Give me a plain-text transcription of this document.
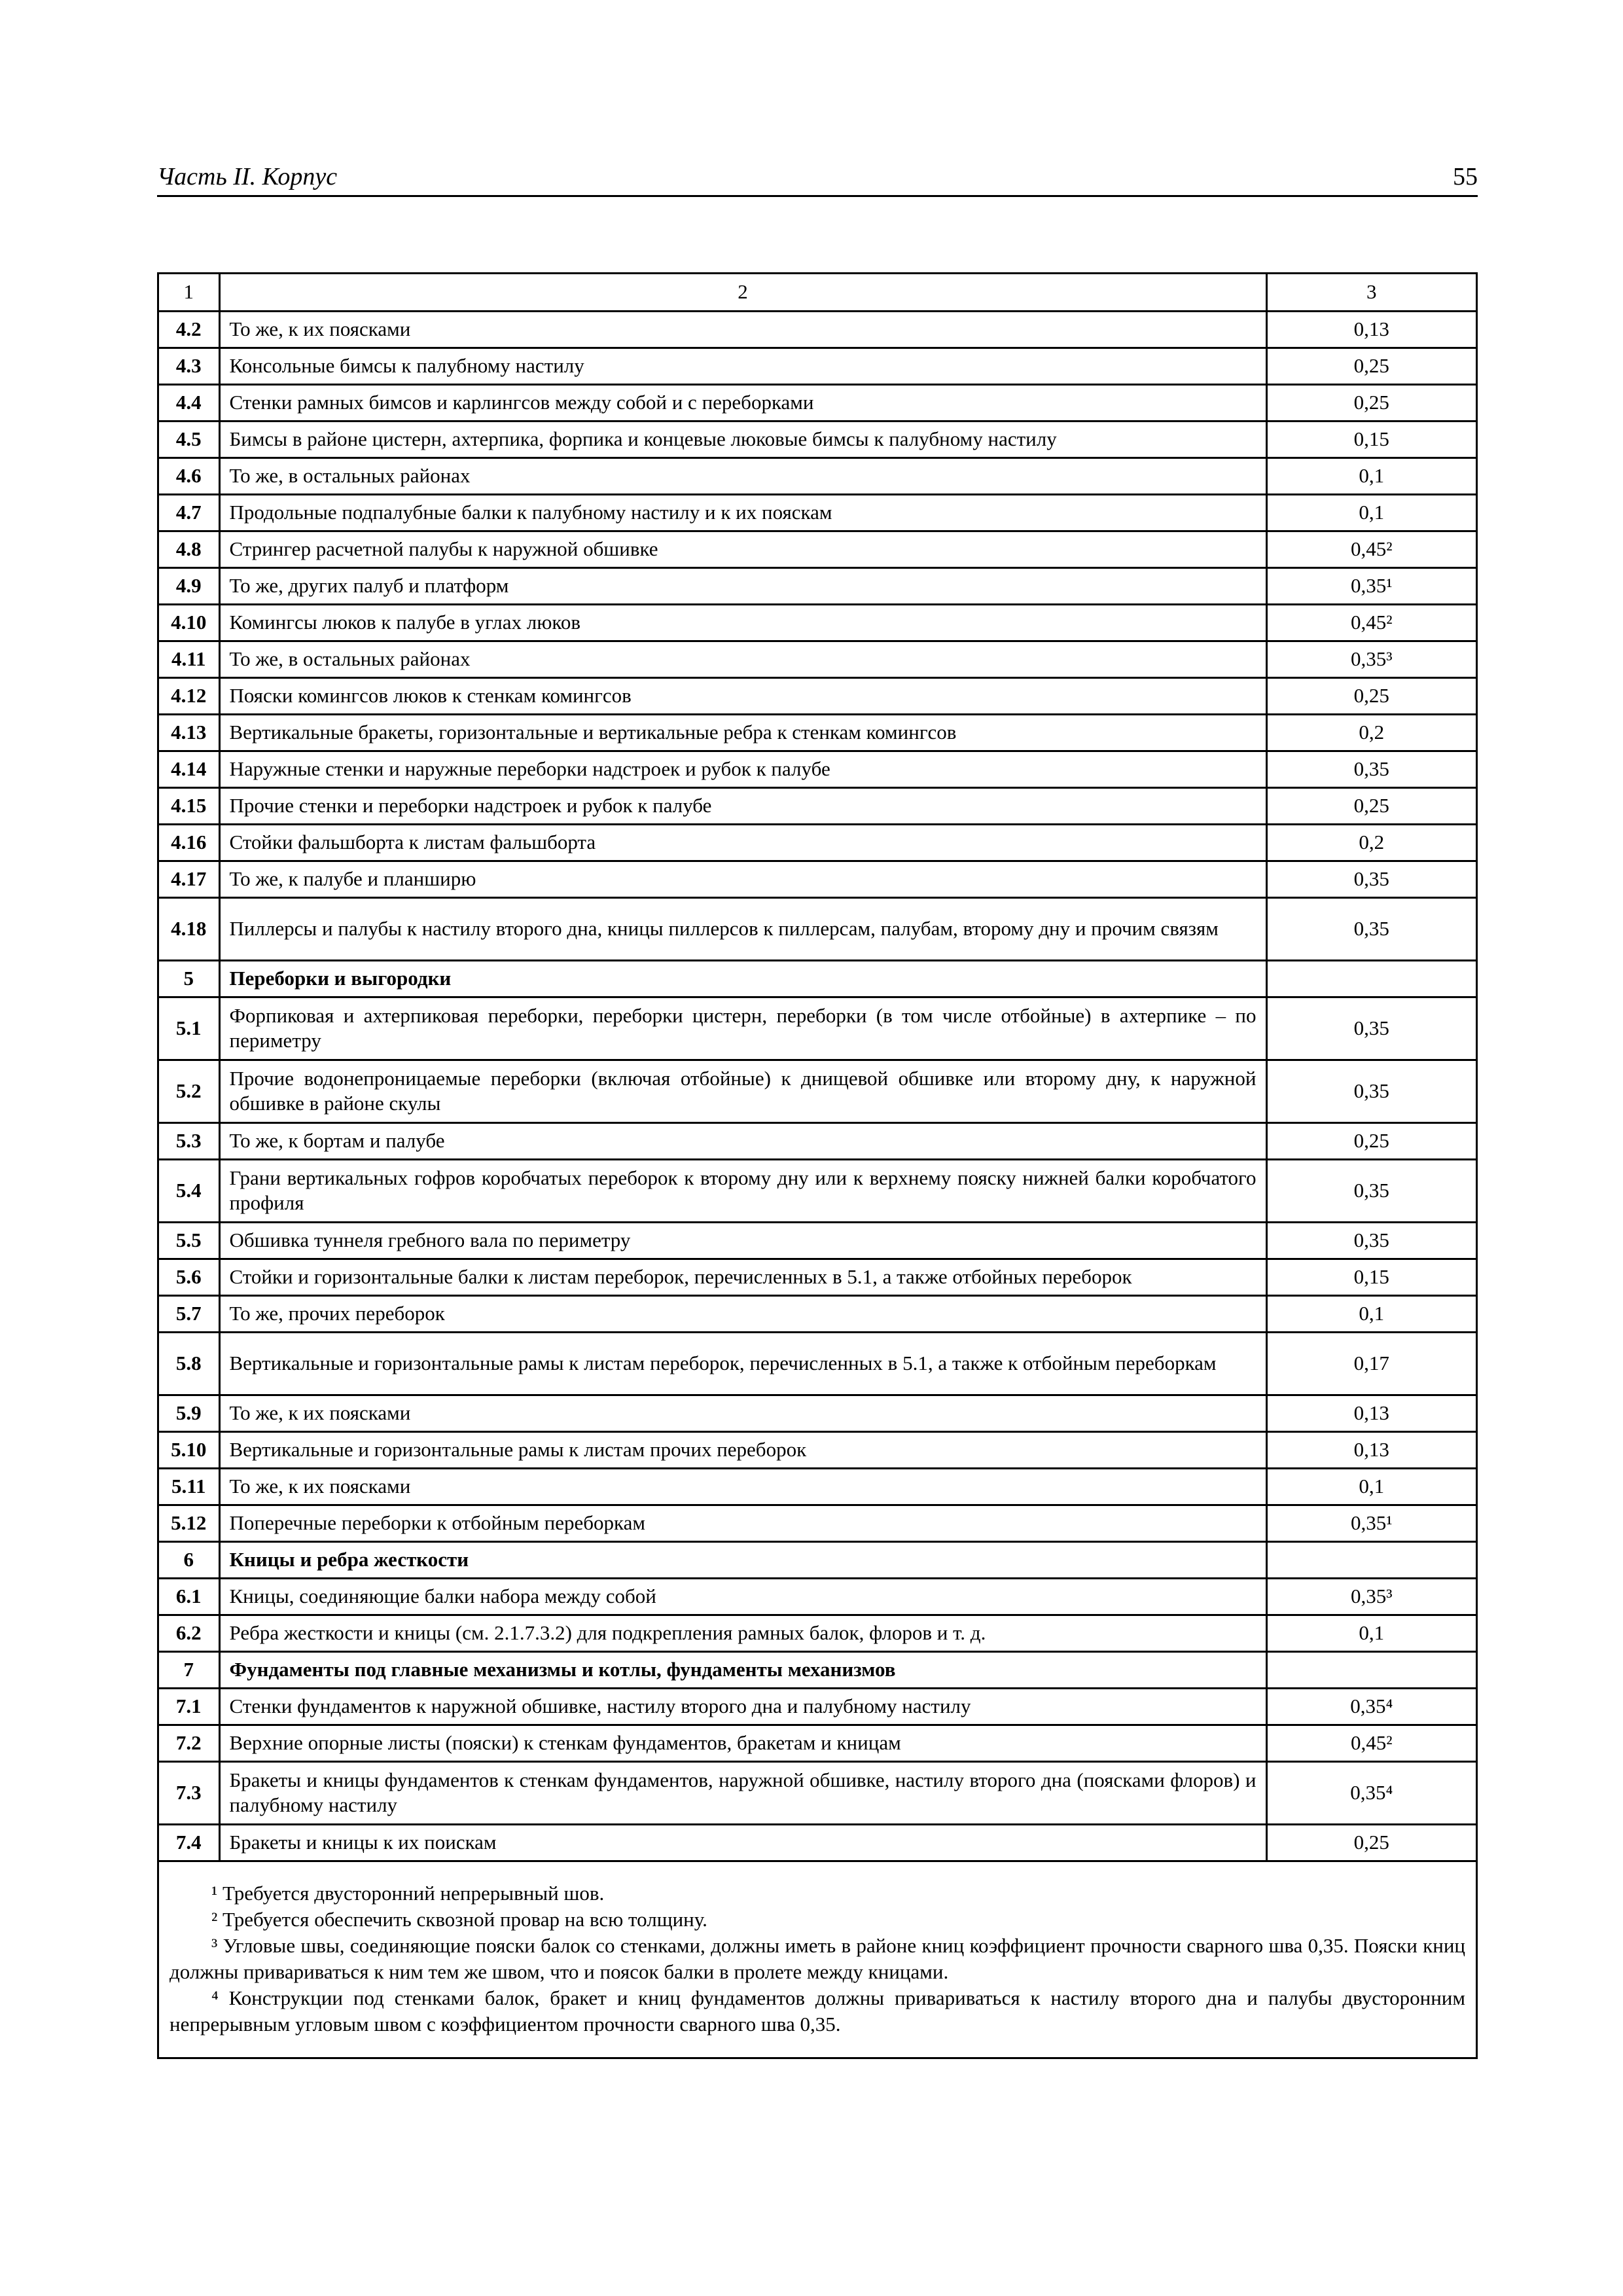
Часть II. Корпус	55
1	2	3
4.2	То же, к их поясками	0,13
4.3	Консольные бимсы к палубному настилу	0,25
4.4	Стенки рамных бимсов и карлингсов между собой и с переборками	0,25
4.5	Бимсы в районе цистерн, ахтерпика, форпика и концевые люковые бимсы к палубному настилу	0,15
4.6	То же, в остальных районах	0,1
4.7	Продольные подпалубные балки к палубному настилу и к их пояскам	0,1
4.8	Стрингер расчетной палубы к наружной обшивке	0,45²
4.9	То же, других палуб и платформ	0,35¹
4.10	Комингсы люков к палубе в углах люков	0,45²
4.11	То же, в остальных районах	0,35³
4.12	Пояски комингсов люков к стенкам комингсов	0,25
4.13	Вертикальные бракеты, горизонтальные и вертикальные ребра к стенкам комингсов	0,2
4.14	Наружные стенки и наружные переборки надстроек и рубок к палубе	0,35
4.15	Прочие стенки и переборки надстроек и рубок к палубе	0,25
4.16	Стойки фальшборта к листам фальшборта	0,2
4.17	То же, к палубе и планширю	0,35
4.18	Пиллерсы и палубы к настилу второго дна, кницы пиллерсов к пиллерсам, палубам, второму дну и прочим связям	0,35
5	Переборки и выгородки	
5.1	Форпиковая и ахтерпиковая переборки, переборки цистерн, переборки (в том числе отбойные) в ахтерпике – по периметру	0,35
5.2	Прочие водонепроницаемые переборки (включая отбойные) к днищевой обшивке или второму дну, к наружной обшивке в районе скулы	0,35
5.3	То же, к бортам и палубе	0,25
5.4	Грани вертикальных гофров коробчатых переборок к второму дну или к верхнему пояску нижней балки коробчатого профиля	0,35
5.5	Обшивка туннеля гребного вала по периметру	0,35
5.6	Стойки и горизонтальные балки к листам переборок, перечисленных в 5.1, а также отбойных переборок	0,15
5.7	То же, прочих переборок	0,1
5.8	Вертикальные и горизонтальные рамы к листам переборок, перечисленных в 5.1, а также к отбойным переборкам	0,17
5.9	То же, к их поясками	0,13
5.10	Вертикальные и горизонтальные рамы к листам прочих переборок	0,13
5.11	То же, к их поясками	0,1
5.12	Поперечные переборки к отбойным переборкам	0,35¹
6	Кницы и ребра жесткости	
6.1	Кницы, соединяющие балки набора между собой	0,35³
6.2	Ребра жесткости и кницы (см. 2.1.7.3.2) для подкрепления рамных балок, флоров и т. д.	0,1
7	Фундаменты под главные механизмы и котлы, фундаменты механизмов	
7.1	Стенки фундаментов к наружной обшивке, настилу второго дна и палубному настилу	0,35⁴
7.2	Верхние опорные листы (пояски) к стенкам фундаментов, бракетам и кницам	0,45²
7.3	Бракеты и кницы фундаментов к стенкам фундаментов, наружной обшивке, настилу второго дна (поясками флоров) и палубному настилу	0,35⁴
7.4	Бракеты и кницы к их поискам	0,25

¹ Требуется двусторонний непрерывный шов.

² Требуется обеспечить сквозной провар на всю толщину.

³ Угловые швы, соединяющие пояски балок со стенками, должны иметь в районе книц коэффициент прочности сварного шва 0,35. Пояски книц должны привариваться к ним тем же швом, что и поясок балки в пролете между кницами.

⁴ Конструкции под стенками балок, бракет и книц фундаментов должны привариваться к настилу второго дна и палубы двусторонним непрерывным угловым швом с коэффициентом прочности сварного шва 0,35.
